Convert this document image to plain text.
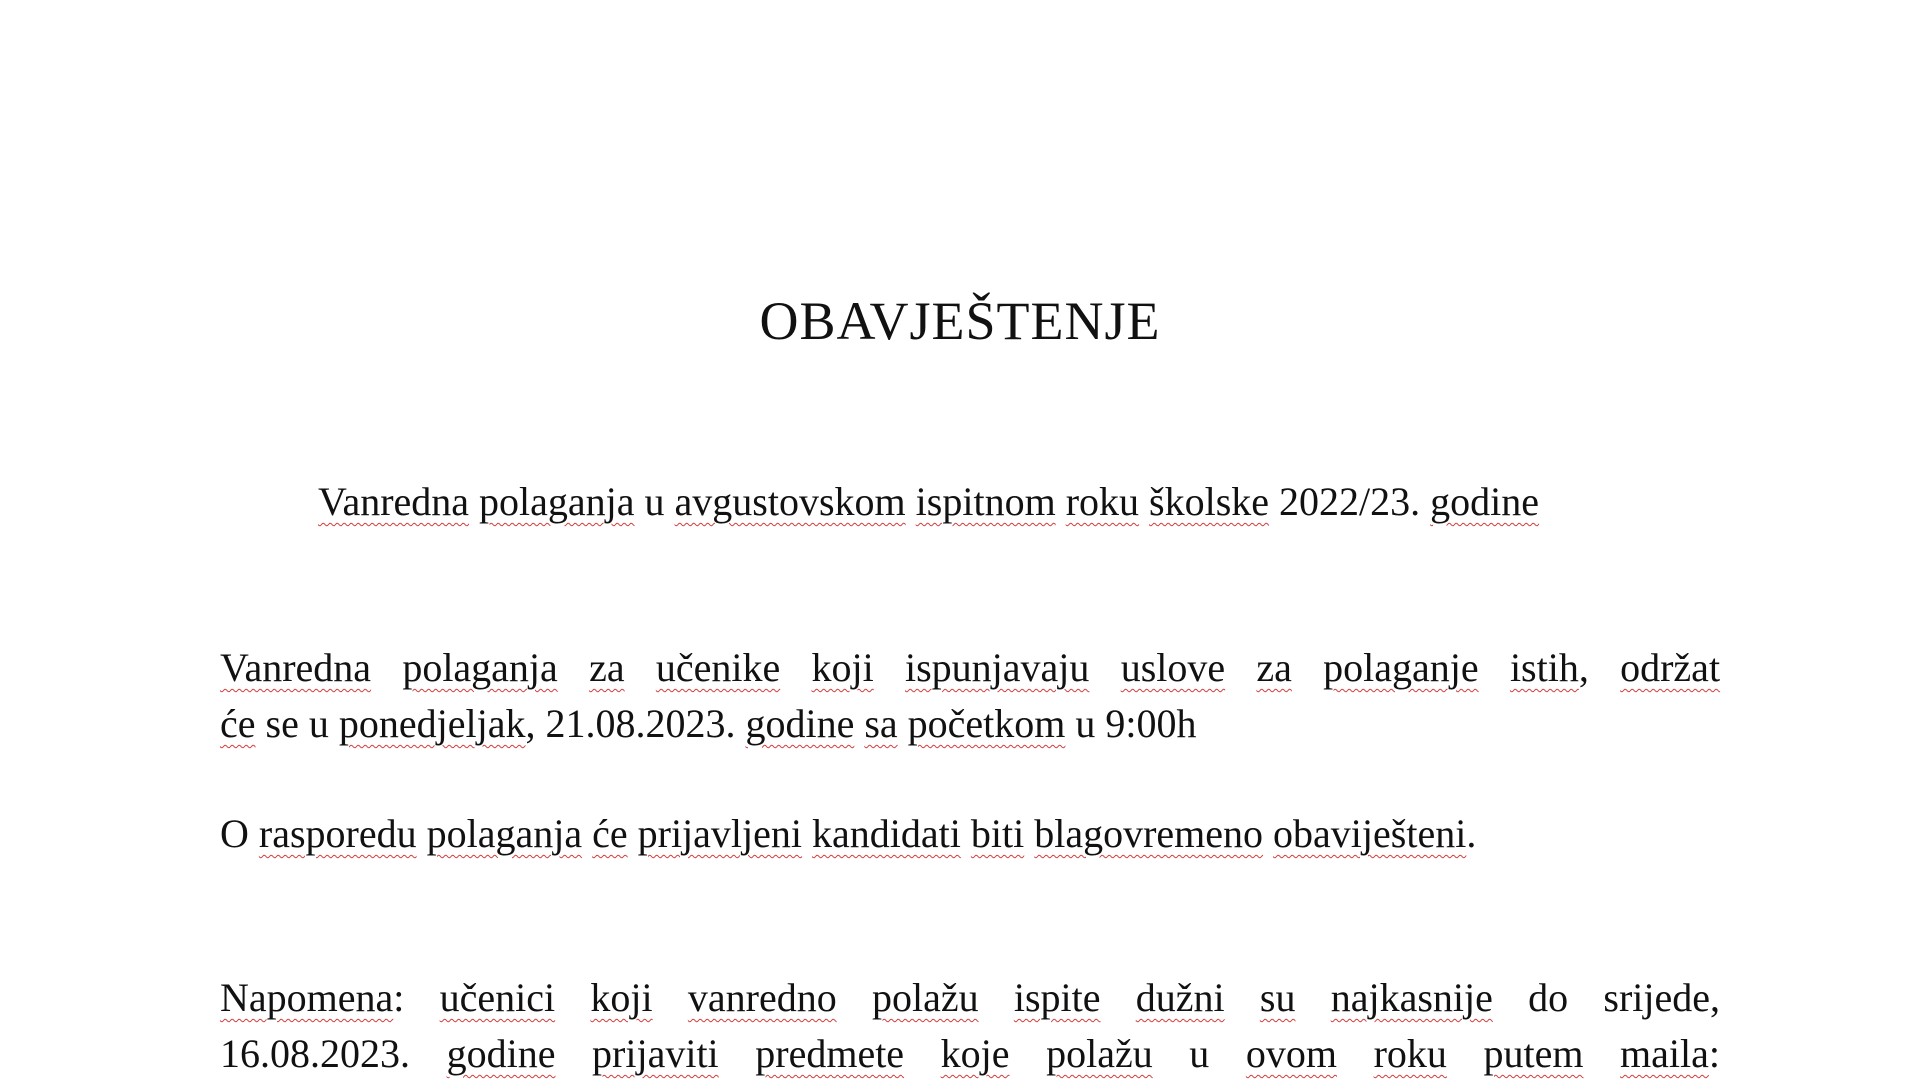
OBAVJEŠTENJE
Vanredna polaganja u avgustovskom ispitnom roku školske 2022/23. godine
Vanredna polaganja za učenike koji ispunjavaju uslove za polaganje istih, održat
će se u ponedjeljak, 21.08.2023. godine sa početkom u 9:00h
O rasporedu polaganja će prijavljeni kandidati biti blagovremeno obaviješteni.
Napomena: učenici koji vanredno polažu ispite dužni su najkasnije do srijede,
16.08.2023. godine prijaviti predmete koje polažu u ovom roku putem maila:
